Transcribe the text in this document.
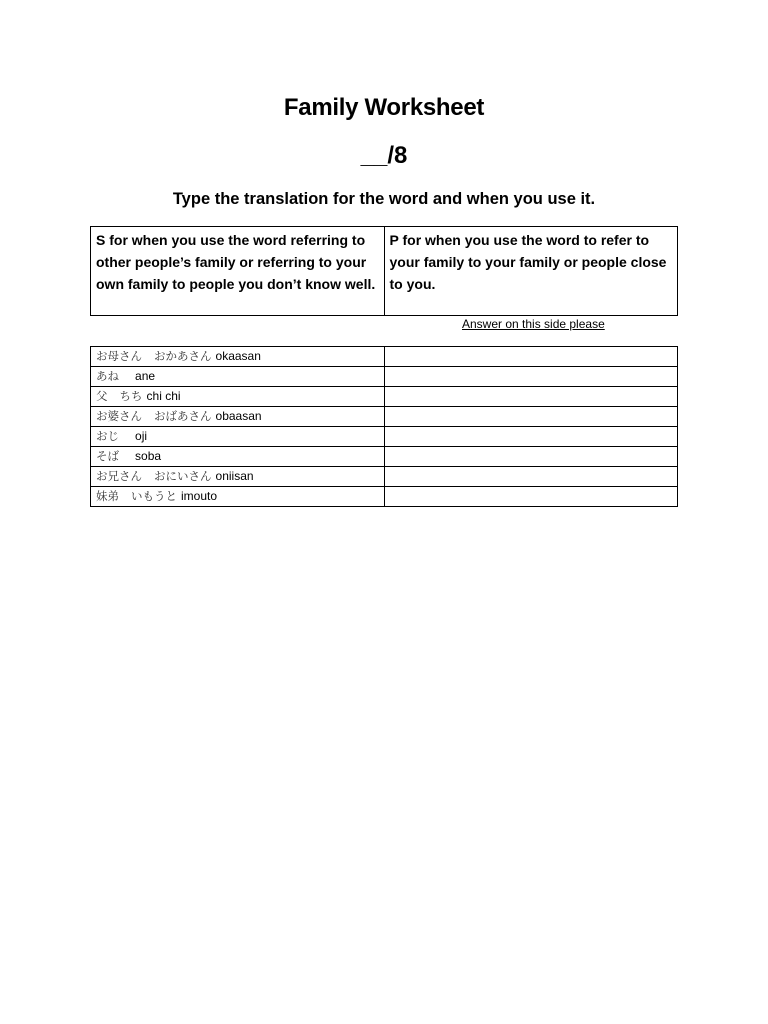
Family Worksheet
__/8
Type the translation for the word and when you use it.
S for when you use the word referring to other people’s family or referring to your own family to people you don’t know well.	P for when you use the word to refer to your family to your family or people close to you.
Answer on this side please
お母さん　 おかあさん okaasan	
あね　 ane	
父　 ちち chi chi	
お婆さん　 おばあさん obaasan	
おじ　 oji	
そば　 soba	
お兄さん　 おにいさん oniisan	
妹弟　 いもうと imouto	
